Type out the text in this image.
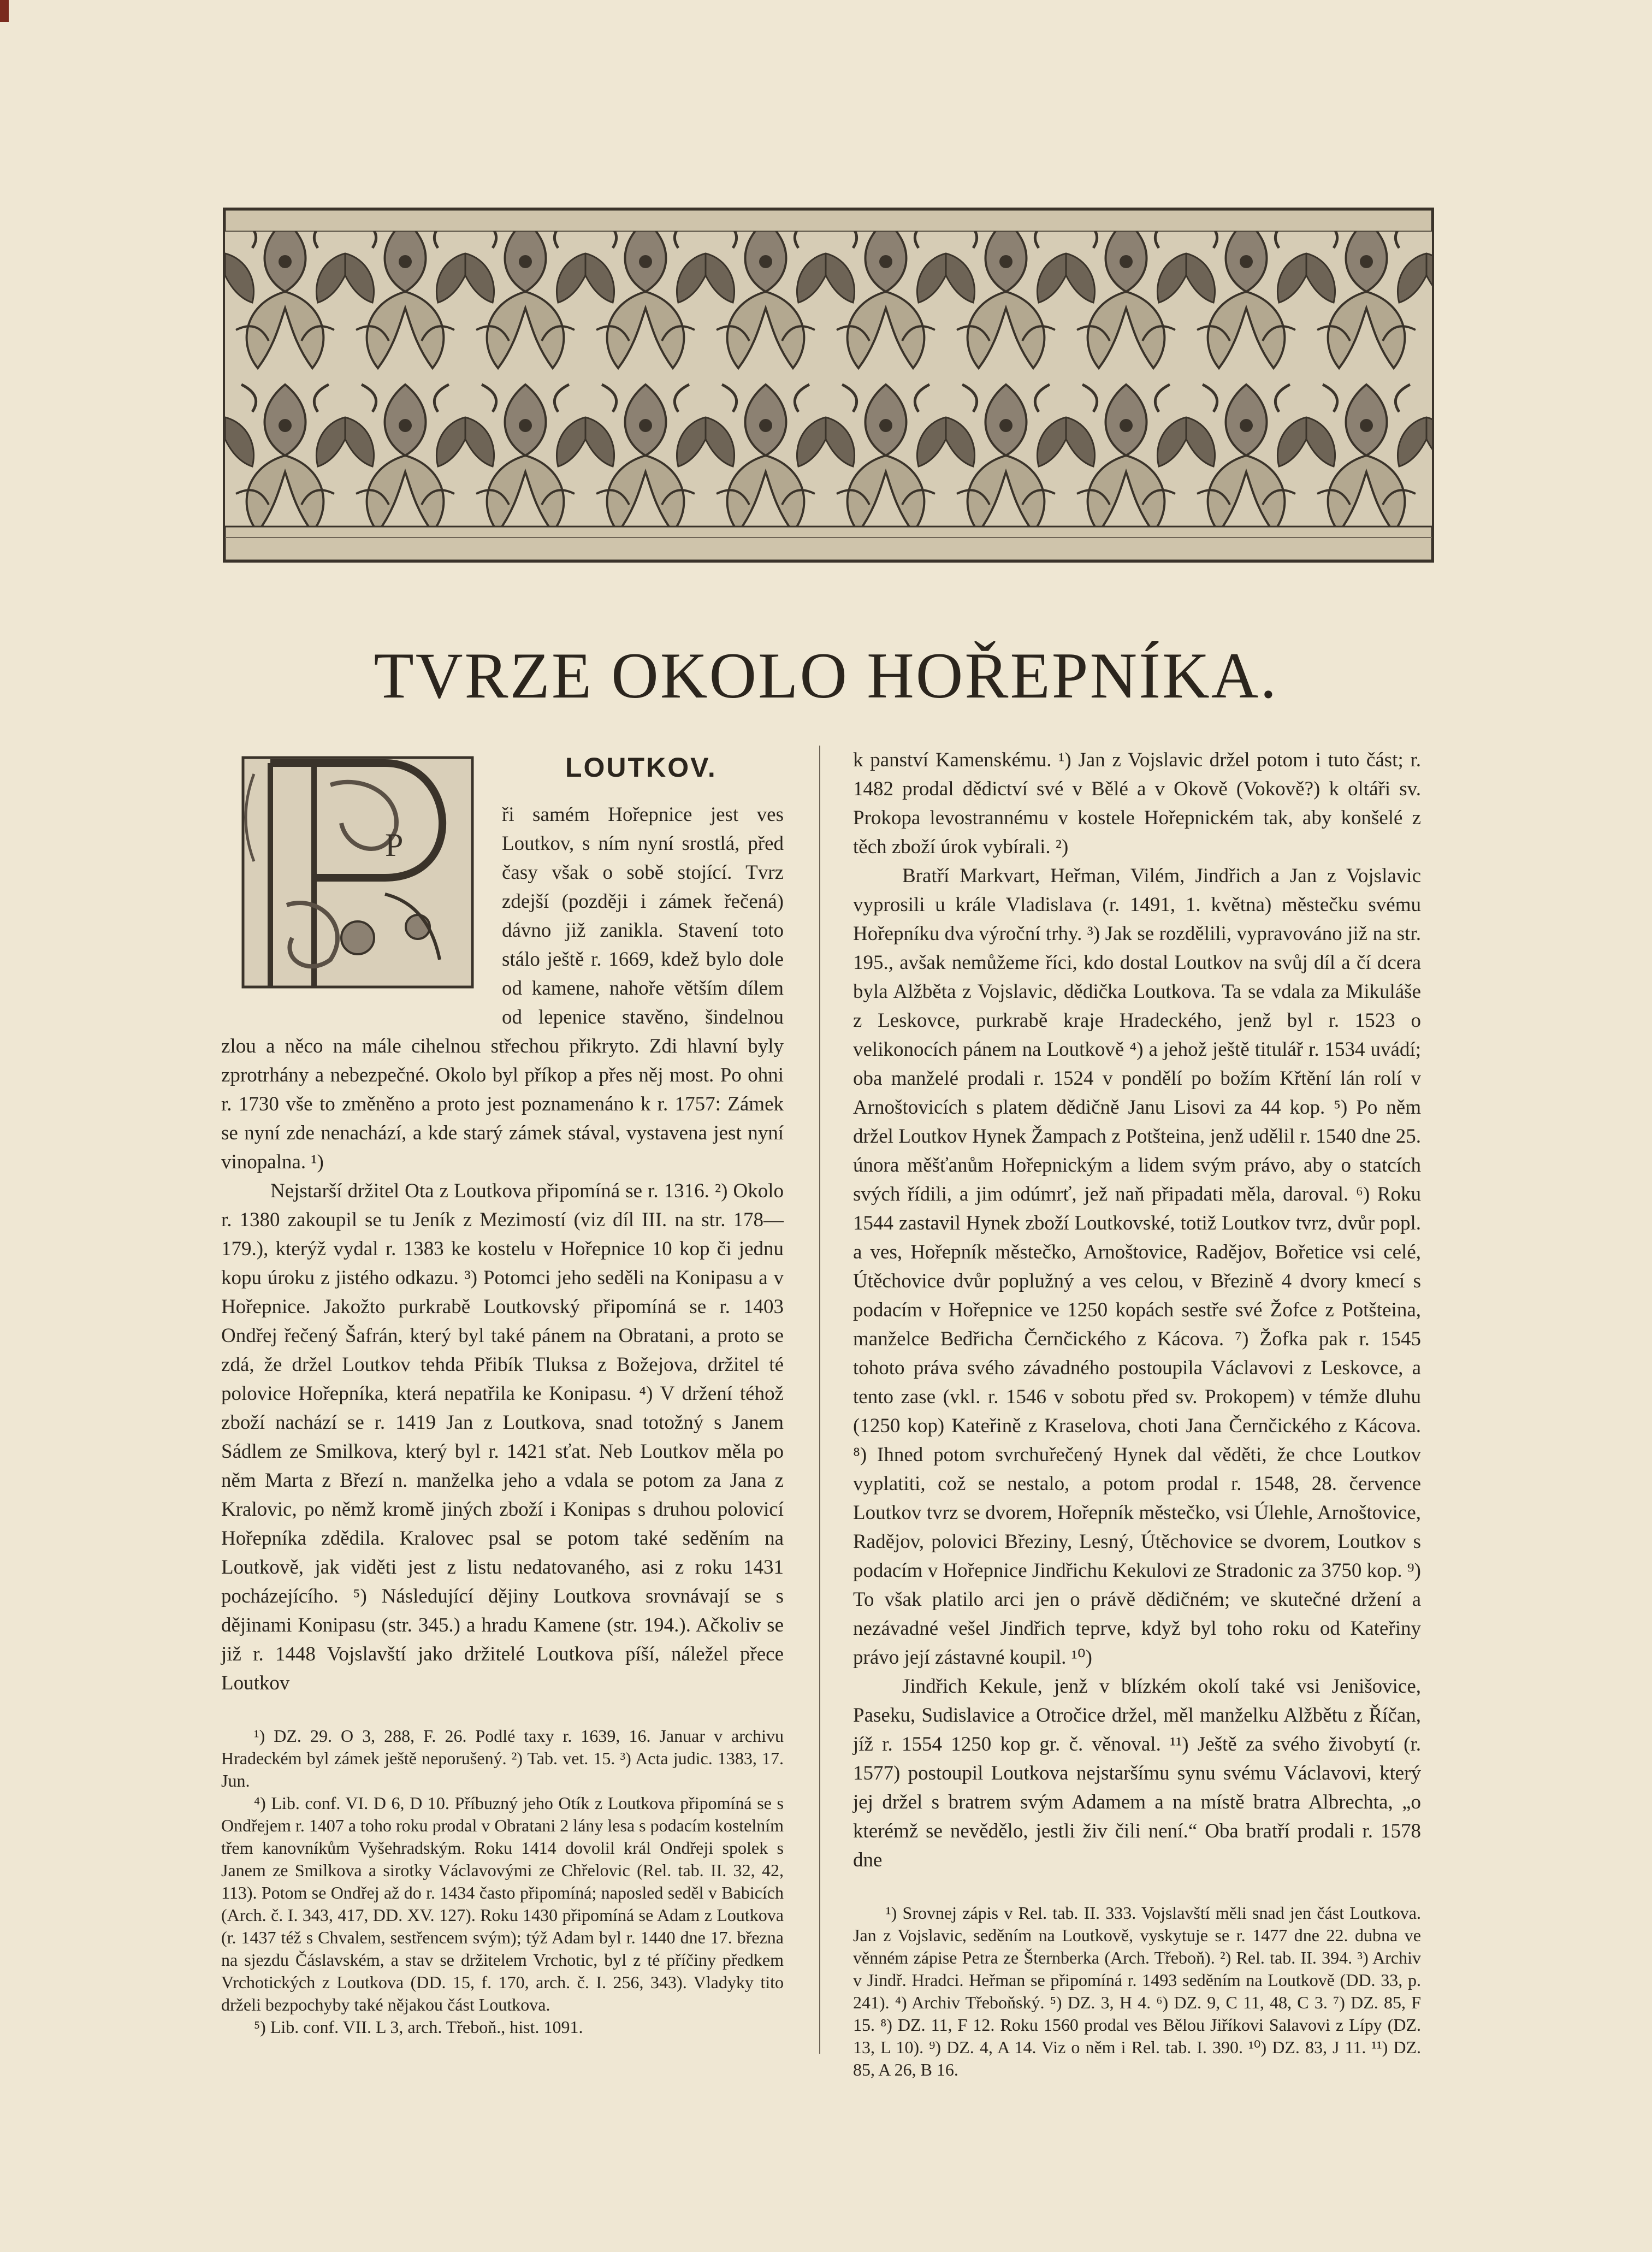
TVRZE OKOLO HOŘEPNÍKA.
P
LOUTKOV.

ři samém Hořepnice jest ves Loutkov, s ním nyní srostlá, před časy však o sobě stojící. Tvrz zdejší (později i zámek řečená) dávno již zanikla. Stavení toto stálo ještě r. 1669, kdež bylo dole od kamene, nahoře větším dílem od lepenice stavěno, šindelnou zlou a něco na mále cihelnou střechou přikryto. Zdi hlavní byly zprotrhány a nebezpečné. Okolo byl příkop a přes něj most. Po ohni r. 1730 vše to změněno a proto jest poznamenáno k r. 1757: Zámek se nyní zde nenachází, a kde starý zámek stával, vystavena jest nyní vinopalna. ¹)

Nejstarší držitel Ota z Loutkova připomíná se r. 1316. ²) Okolo r. 1380 zakoupil se tu Jeník z Mezimostí (viz díl III. na str. 178—179.), kterýž vydal r. 1383 ke kostelu v Hořepnice 10 kop či jednu kopu úroku z jistého odkazu. ³) Potomci jeho seděli na Konipasu a v Hořepnice. Jakožto purkrabě Loutkovský připomíná se r. 1403 Ondřej řečený Šafrán, který byl také pánem na Obratani, a proto se zdá, že držel Loutkov tehda Přibík Tluksa z Božejova, držitel té polovice Hořepníka, která nepatřila ke Konipasu. ⁴) V držení téhož zboží nachází se r. 1419 Jan z Loutkova, snad totožný s Janem Sádlem ze Smilkova, který byl r. 1421 sťat. Neb Loutkov měla po něm Marta z Březí n. manželka jeho a vdala se potom za Jana z Kralovic, po němž kromě jiných zboží i Konipas s druhou polovicí Hořepníka zdědila. Kralovec psal se potom také seděním na Loutkově, jak viděti jest z listu nedatovaného, asi z roku 1431 pocházejícího. ⁵) Následující dějiny Loutkova srovnávají se s dějinami Konipasu (str. 345.) a hradu Kamene (str. 194.). Ačkoliv se již r. 1448 Vojslavští jako držitelé Loutkova píší, náležel přece Loutkov

¹) DZ. 29. O 3, 288, F. 26. Podlé taxy r. 1639, 16. Januar v archivu Hradeckém byl zámek ještě neporušený. ²) Tab. vet. 15. ³) Acta judic. 1383, 17. Jun.

⁴) Lib. conf. VI. D 6, D 10. Příbuzný jeho Otík z Loutkova připomíná se s Ondřejem r. 1407 a toho roku prodal v Obratani 2 lány lesa s podacím kostelním třem kanovníkům Vyšehradským. Roku 1414 dovolil král Ondřeji spolek s Janem ze Smilkova a sirotky Václavovými ze Chřelovic (Rel. tab. II. 32, 42, 113). Potom se Ondřej až do r. 1434 často připomíná; naposled seděl v Babicích (Arch. č. I. 343, 417, DD. XV. 127). Roku 1430 připomíná se Adam z Loutkova (r. 1437 též s Chvalem, sestřencem svým); týž Adam byl r. 1440 dne 17. března na sjezdu Čáslavském, a stav se držitelem Vrchotic, byl z té příčiny předkem Vrchotických z Loutkova (DD. 15, f. 170, arch. č. I. 256, 343). Vladyky tito drželi bezpochyby také nějakou část Loutkova.

⁵) Lib. conf. VII. L 3, arch. Třeboň., hist. 1091.

k panství Kamenskému. ¹) Jan z Vojslavic držel potom i tuto část; r. 1482 prodal dědictví své v Bělé a v Okově (Vokově?) k oltáři sv. Prokopa levostrannému v kostele Hořepnickém tak, aby konšelé z těch zboží úrok vybírali. ²)

Bratří Markvart, Heřman, Vilém, Jindřich a Jan z Vojslavic vyprosili u krále Vladislava (r. 1491, 1. května) městečku svému Hořepníku dva výroční trhy. ³) Jak se rozdělili, vypravováno již na str. 195., avšak nemůžeme říci, kdo dostal Loutkov na svůj díl a čí dcera byla Alžběta z Vojslavic, dědička Loutkova. Ta se vdala za Mikuláše z Leskovce, purkrabě kraje Hradeckého, jenž byl r. 1523 o velikonocích pánem na Loutkově ⁴) a jehož ještě titulář r. 1534 uvádí; oba manželé prodali r. 1524 v pondělí po božím Křtění lán rolí v Arnoštovicích s platem dědičně Janu Lisovi za 44 kop. ⁵) Po něm držel Loutkov Hynek Žampach z Potšteina, jenž udělil r. 1540 dne 25. února měšťanům Hořepnickým a lidem svým právo, aby o statcích svých řídili, a jim odúmrť, jež naň připadati měla, daroval. ⁶) Roku 1544 zastavil Hynek zboží Loutkovské, totiž Loutkov tvrz, dvůr popl. a ves, Hořepník městečko, Arnoštovice, Radějov, Bořetice vsi celé, Útěchovice dvůr poplužný a ves celou, v Březině 4 dvory kmecí s podacím v Hořepnice ve 1250 kopách sestře své Žofce z Potšteina, manželce Bedřicha Černčického z Kácova. ⁷) Žofka pak r. 1545 tohoto práva svého závadného postoupila Václavovi z Leskovce, a tento zase (vkl. r. 1546 v sobotu před sv. Prokopem) v témže dluhu (1250 kop) Kateřině z Kraselova, choti Jana Černčického z Kácova. ⁸) Ihned potom svrchuřečený Hynek dal věděti, že chce Loutkov vyplatiti, což se nestalo, a potom prodal r. 1548, 28. července Loutkov tvrz se dvorem, Hořepník městečko, vsi Úlehle, Arnoštovice, Radějov, polovici Březiny, Lesný, Útěchovice se dvorem, Loutkov s podacím v Hořepnice Jindřichu Kekulovi ze Stradonic za 3750 kop. ⁹) To však platilo arci jen o právě dědičném; ve skutečné držení a nezávadné vešel Jindřich teprve, když byl toho roku od Kateřiny právo její zástavné koupil. ¹⁰)

Jindřich Kekule, jenž v blízkém okolí také vsi Jenišovice, Paseku, Sudislavice a Otročice držel, měl manželku Alžbětu z Říčan, jíž r. 1554 1250 kop gr. č. věnoval. ¹¹) Ještě za svého živobytí (r. 1577) postoupil Loutkova nejstaršímu synu svému Václavovi, který jej držel s bratrem svým Adamem a na místě bratra Albrechta, „o kterémž se nevědělo, jestli živ čili není.“ Oba bratří prodali r. 1578 dne

¹) Srovnej zápis v Rel. tab. II. 333. Vojslavští měli snad jen část Loutkova. Jan z Vojslavic, seděním na Loutkově, vyskytuje se r. 1477 dne 22. dubna ve věnném zápise Petra ze Šternberka (Arch. Třeboň). ²) Rel. tab. II. 394. ³) Archiv v Jindř. Hradci. Heřman se připomíná r. 1493 seděním na Loutkově (DD. 33, p. 241). ⁴) Archiv Třeboňský. ⁵) DZ. 3, H 4. ⁶) DZ. 9, C 11, 48, C 3. ⁷) DZ. 85, F 15. ⁸) DZ. 11, F 12. Roku 1560 prodal ves Bělou Jiříkovi Salavovi z Lípy (DZ. 13, L 10). ⁹) DZ. 4, A 14. Viz o něm i Rel. tab. I. 390. ¹⁰) DZ. 83, J 11. ¹¹) DZ. 85, A 26, B 16.
